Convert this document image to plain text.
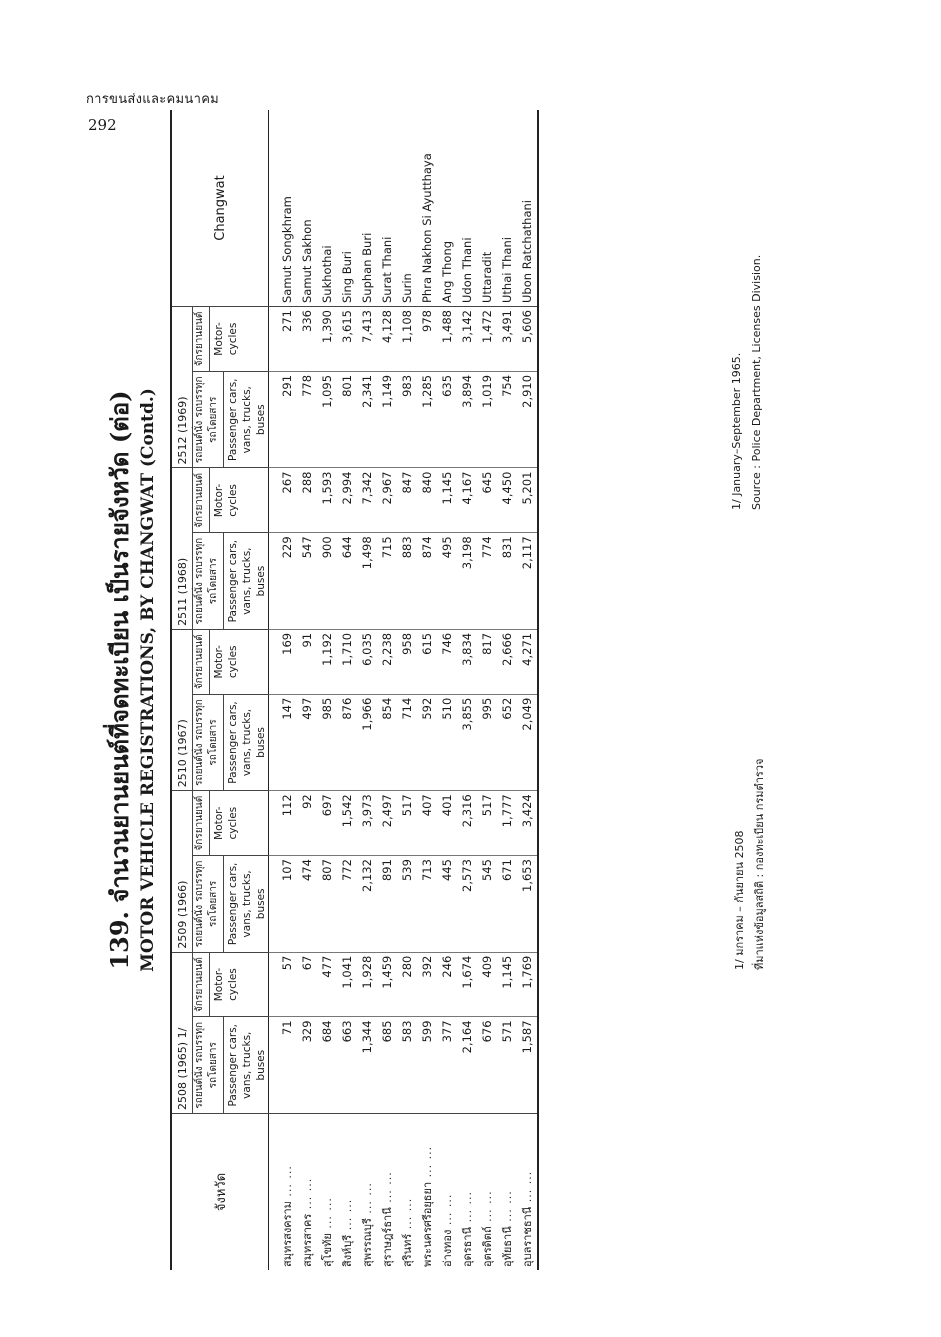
การขนส่งและคมนาคม
292
139. จำนวนยานยนต์ที่จดทะเบียน เป็นรายจังหวัด (ต่อ) MOTOR VEHICLE REGISTRATIONS, BY CHANGWAT (Contd.)
จังหวัด	2508 (1965) 1/		2509 (1966)		2510 (1967)		2511 (1968)		2512 (1969)		Changwat

	รถยนต์นั่ง รถบรรทุก รถโดยสาร Passenger cars, vans, trucks, buses	จักรยานยนต์ Motor-cycles	รถยนต์นั่ง รถบรรทุก รถโดยสาร Passenger cars, vans, trucks, buses	จักรยานยนต์ Motor-cycles	รถยนต์นั่ง รถบรรทุก รถโดยสาร Passenger cars, vans, trucks, buses	จักรยานยนต์ Motor-cycles	รถยนต์นั่ง รถบรรทุก รถโดยสาร Passenger cars, vans, trucks, buses	จักรยานยนต์ Motor-cycles	รถยนต์นั่ง รถบรรทุก รถโดยสาร Passenger cars, vans, trucks, buses	จักรยานยนต์ Motor-cycles	
สมุทรสงคราม ... ...	71	57	107	112	147	169	229	267	291	271	Samut Songkhram
สมุทรสาคร ... ...	329	67	474	92	497	91	547	288	778	336	Samut Sakhon
สุโขทัย ... ...	684	477	807	697	985	1,192	900	1,593	1,095	1,390	Sukhothai
สิงห์บุรี ... ...	663	1,041	772	1,542	876	1,710	644	2,994	801	3,615	Sing Buri
สุพรรณบุรี ... ...	1,344	1,928	2,132	3,973	1,966	6,035	1,498	7,342	2,341	7,413	Suphan Buri
สุราษฎร์ธานี ... ...	685	1,459	891	2,497	854	2,238	715	2,967	1,149	4,128	Surat Thani
สุรินทร์ ... ...	583	280	539	517	714	958	883	847	983	1,108	Surin
พระนครศรีอยุธยา ... ...	599	392	713	407	592	615	874	840	1,285	978	Phra Nakhon Si Ayutthaya
อ่างทอง ... ...	377	246	445	401	510	746	495	1,145	635	1,488	Ang Thong
อุดรธานี ... ...	2,164	1,674	2,573	2,316	3,855	3,834	3,198	4,167	3,894	3,142	Udon Thani
อุตรดิตถ์ ... ...	676	409	545	517	995	817	774	645	1,019	1,472	Uttaradit
อุทัยธานี ... ...	571	1,145	671	1,777	652	2,666	831	4,450	754	3,491	Uthai Thani
อุบลราชธานี ... ...	1,587	1,769	1,653	3,424	2,049	4,271	2,117	5,201	2,910	5,606	Ubon Ratchathani
1/ มกราคม – กันยายน 2508 ที่มาแห่งข้อมูลสถิติ : กองทะเบียน กรมตำรวจ
1/ January–September 1965. Source : Police Department, Licenses Division.
